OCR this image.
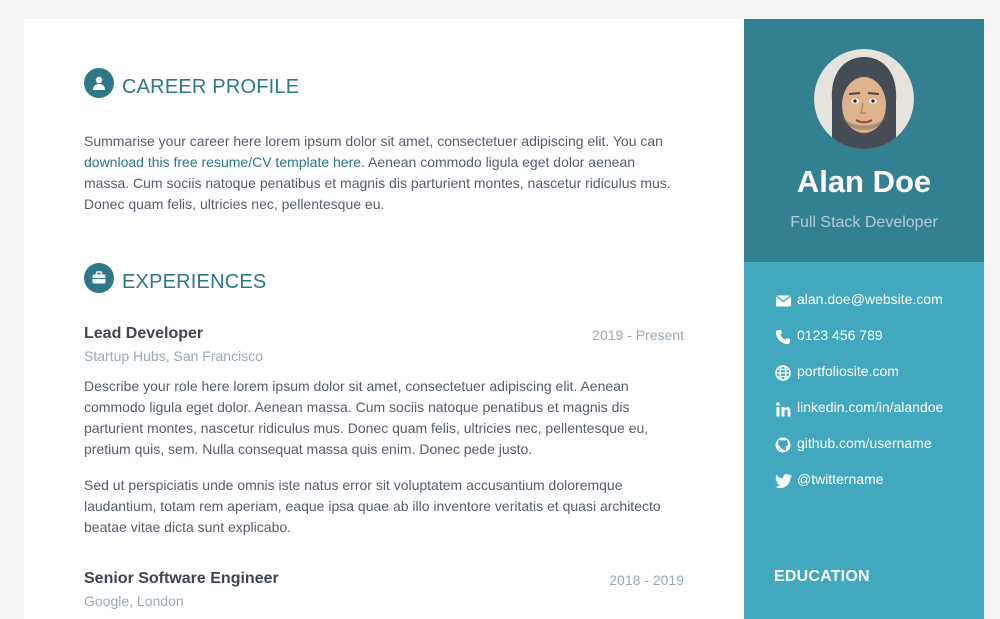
CAREER PROFILE

Summarise your career here lorem ipsum dolor sit amet, consectetuer adipiscing elit. You can download this free resume/CV template here. Aenean commodo ligula eget dolor aenean massa. Cum sociis natoque penatibus et magnis dis parturient montes, nascetur ridiculus mus. Donec quam felis, ultricies nec, pellentesque eu.

EXPERIENCES
Lead Developer	2019 - Present
Startup Hubs, San Francisco

Describe your role here lorem ipsum dolor sit amet, consectetuer adipiscing elit. Aenean commodo ligula eget dolor. Aenean massa. Cum sociis natoque penatibus et magnis dis parturient montes, nascetur ridiculus mus. Donec quam felis, ultricies nec, pellentesque eu, pretium quis, sem. Nulla consequat massa quis enim. Donec pede justo.

Sed ut perspiciatis unde omnis iste natus error sit voluptatem accusantium doloremque laudantium, totam rem aperiam, eaque ipsa quae ab illo inventore veritatis et quasi architecto beatae vitae dicta sunt explicabo.

Senior Software Engineer	2018 - 2019
Google, London
Alan Doe
Full Stack Developer
alan.doe@website.com
0123 456 789
portfoliosite.com
linkedin.com/in/alandoe
github.com/username
@twittername
EDUCATION
